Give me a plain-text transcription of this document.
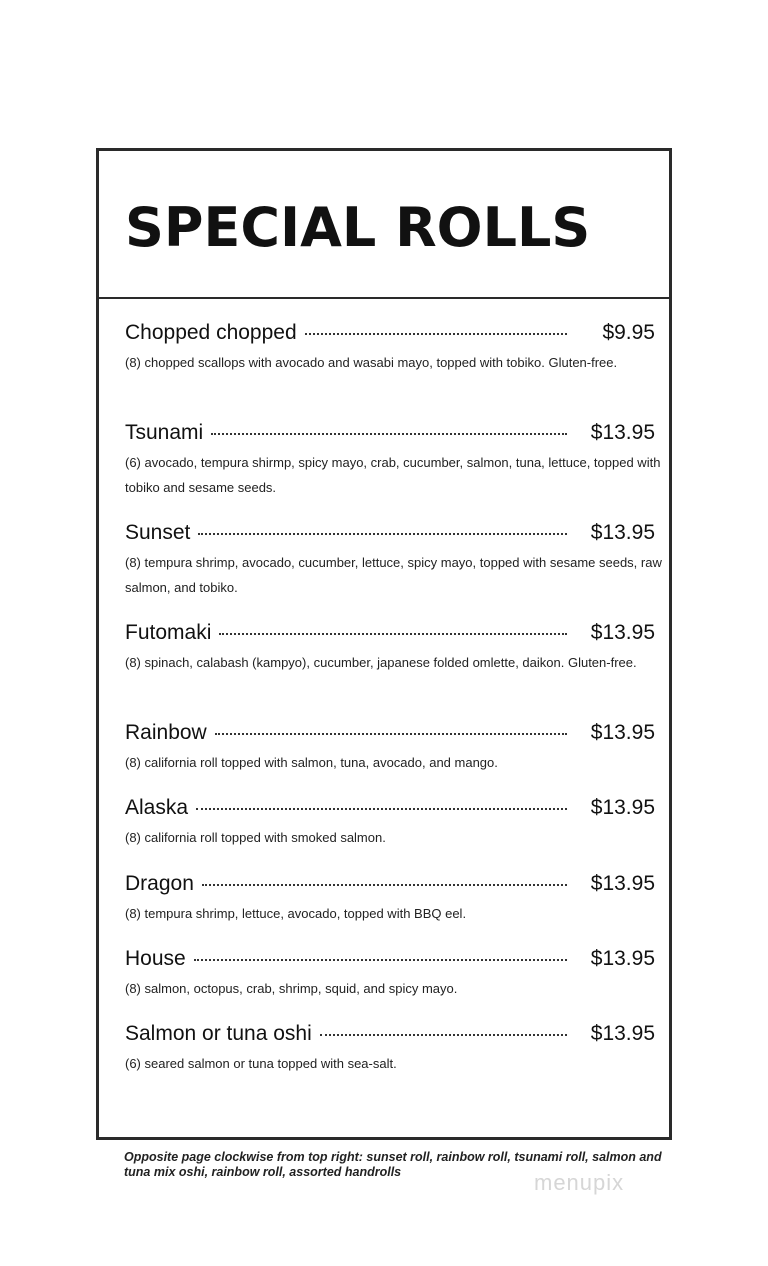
SPECIAL ROLLS
Chopped chopped	$9.95
(8) chopped scallops with avocado and wasabi mayo, topped with tobiko. Gluten-free.
Tsunami	$13.95
(6) avocado, tempura shirmp, spicy mayo, crab, cucumber, salmon, tuna, lettuce, topped with tobiko and sesame seeds.
Sunset	$13.95
(8) tempura shrimp, avocado, cucumber, lettuce, spicy mayo, topped with sesame seeds, raw salmon, and tobiko.
Futomaki	$13.95
(8) spinach, calabash (kampyo), cucumber, japanese folded omlette, daikon. Gluten-free.
Rainbow	$13.95
(8) california roll topped with salmon, tuna, avocado, and mango.
Alaska	$13.95
(8) california roll topped with smoked salmon.
Dragon	$13.95
(8) tempura shrimp, lettuce, avocado, topped with BBQ eel.
House	$13.95
(8) salmon, octopus, crab, shrimp, squid, and spicy mayo.
Salmon or tuna oshi	$13.95
(6) seared salmon or tuna topped with sea-salt.
Opposite page clockwise from top right: sunset roll, rainbow roll, tsunami roll, salmon and tuna mix oshi, rainbow roll, assorted handrolls	menupix
